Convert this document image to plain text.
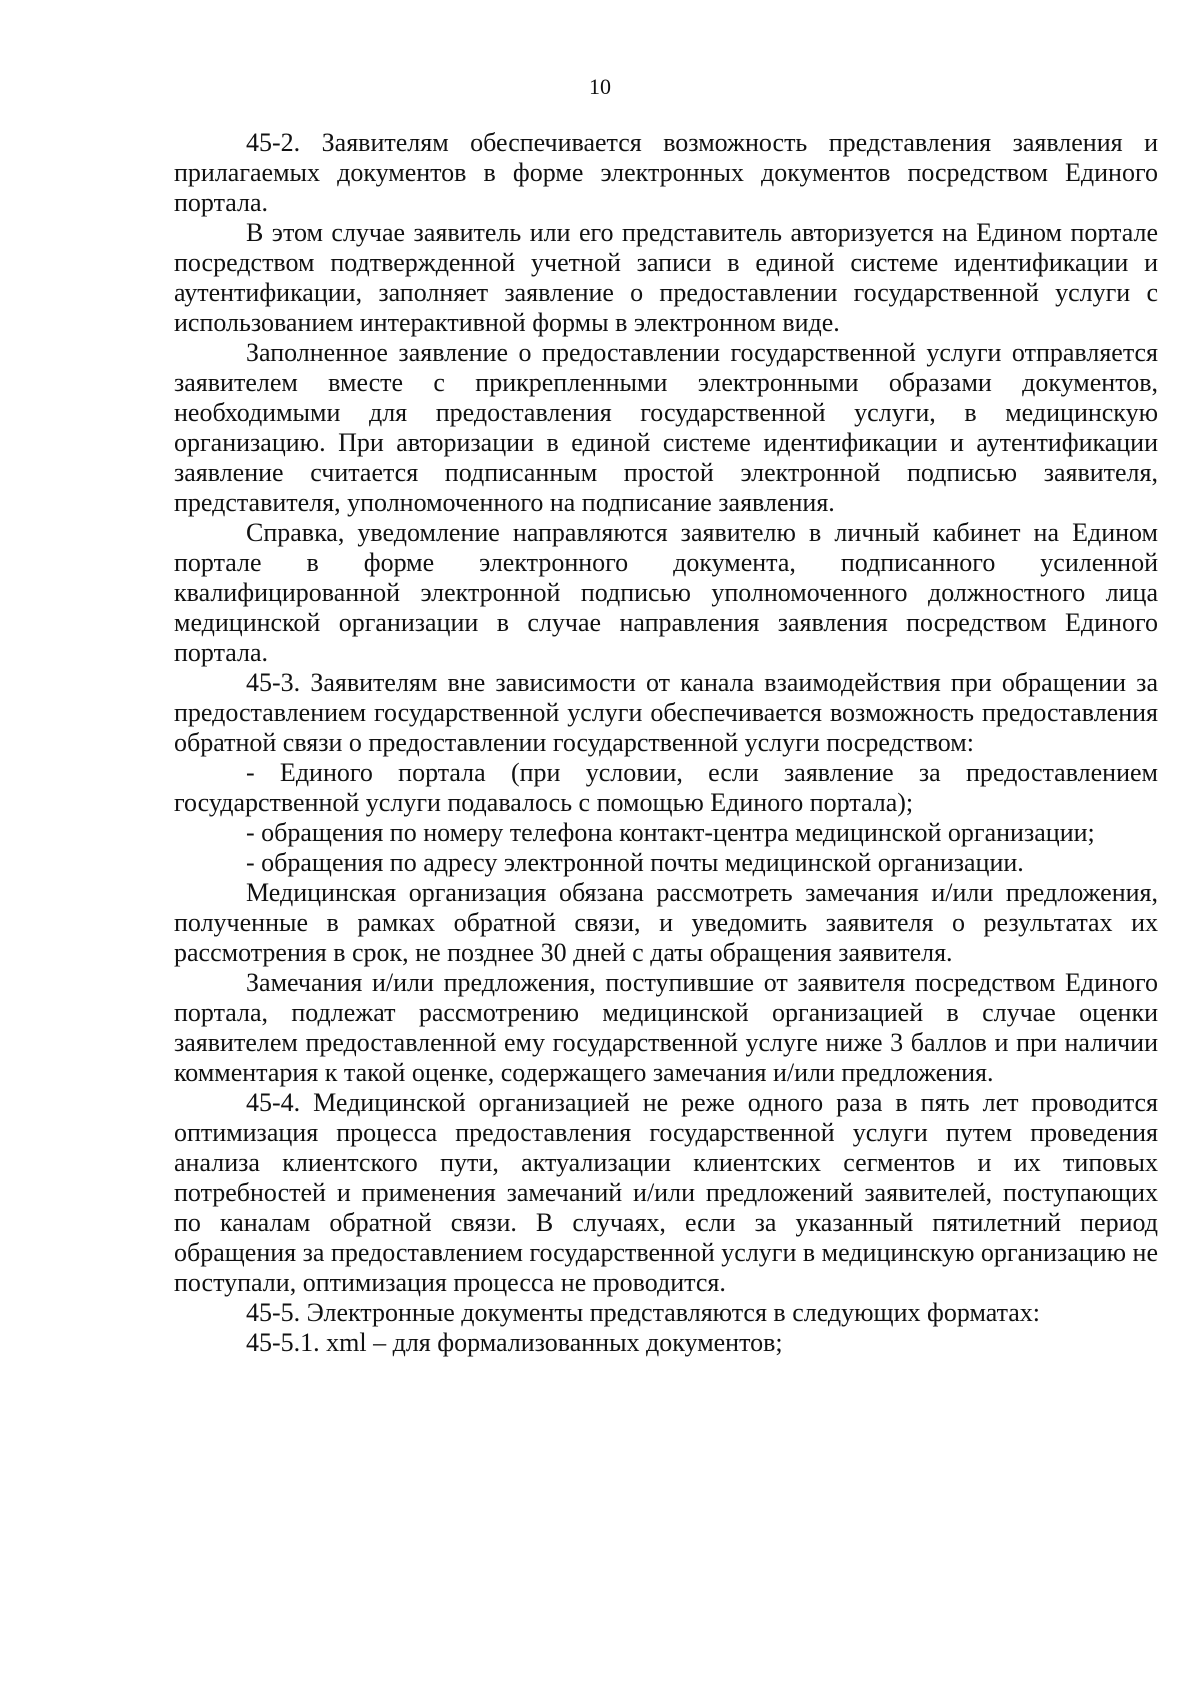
10

45-2. Заявителям обеспечивается возможность представления заявления и прилагаемых документов в форме электронных документов посредством Единого портала.

В этом случае заявитель или его представитель авторизуется на Едином портале посредством подтвержденной учетной записи в единой системе идентификации и аутентификации, заполняет заявление о предоставлении государственной услуги с использованием интерактивной формы в электронном виде.

Заполненное заявление о предоставлении государственной услуги отправляется заявителем вместе с прикрепленными электронными образами документов, необходимыми для предоставления государственной услуги, в медицинскую организацию. При авторизации в единой системе идентификации и аутентификации заявление считается подписанным простой электронной подписью заявителя, представителя, уполномоченного на подписание заявления.

Справка, уведомление направляются заявителю в личный кабинет на Едином портале в форме электронного документа, подписанного усиленной квалифицированной электронной подписью уполномоченного должностного лица медицинской организации в случае направления заявления посредством Единого портала.

45-3. Заявителям вне зависимости от канала взаимодействия при обращении за предоставлением государственной услуги обеспечивается возможность предоставления обратной связи о предоставлении государственной услуги посредством:

- Единого портала (при условии, если заявление за предоставлением государственной услуги подавалось с помощью Единого портала);

- обращения по номеру телефона контакт-центра медицинской организации;

- обращения по адресу электронной почты медицинской организации.

Медицинская организация обязана рассмотреть замечания и/или предложения, полученные в рамках обратной связи, и уведомить заявителя о результатах их рассмотрения в срок, не позднее 30 дней с даты обращения заявителя.

Замечания и/или предложения, поступившие от заявителя посредством Единого портала, подлежат рассмотрению медицинской организацией в случае оценки заявителем предоставленной ему государственной услуге ниже 3 баллов и при наличии комментария к такой оценке, содержащего замечания и/или предложения.

45-4. Медицинской организацией не реже одного раза в пять лет проводится оптимизация процесса предоставления государственной услуги путем проведения анализа клиентского пути, актуализации клиентских сегментов и их типовых потребностей и применения замечаний и/или предложений заявителей, поступающих по каналам обратной связи. В случаях, если за указанный пятилетний период обращения за предоставлением государственной услуги в медицинскую организацию не поступали, оптимизация процесса не проводится.

45-5. Электронные документы представляются в следующих форматах:

45-5.1. xml – для формализованных документов;
